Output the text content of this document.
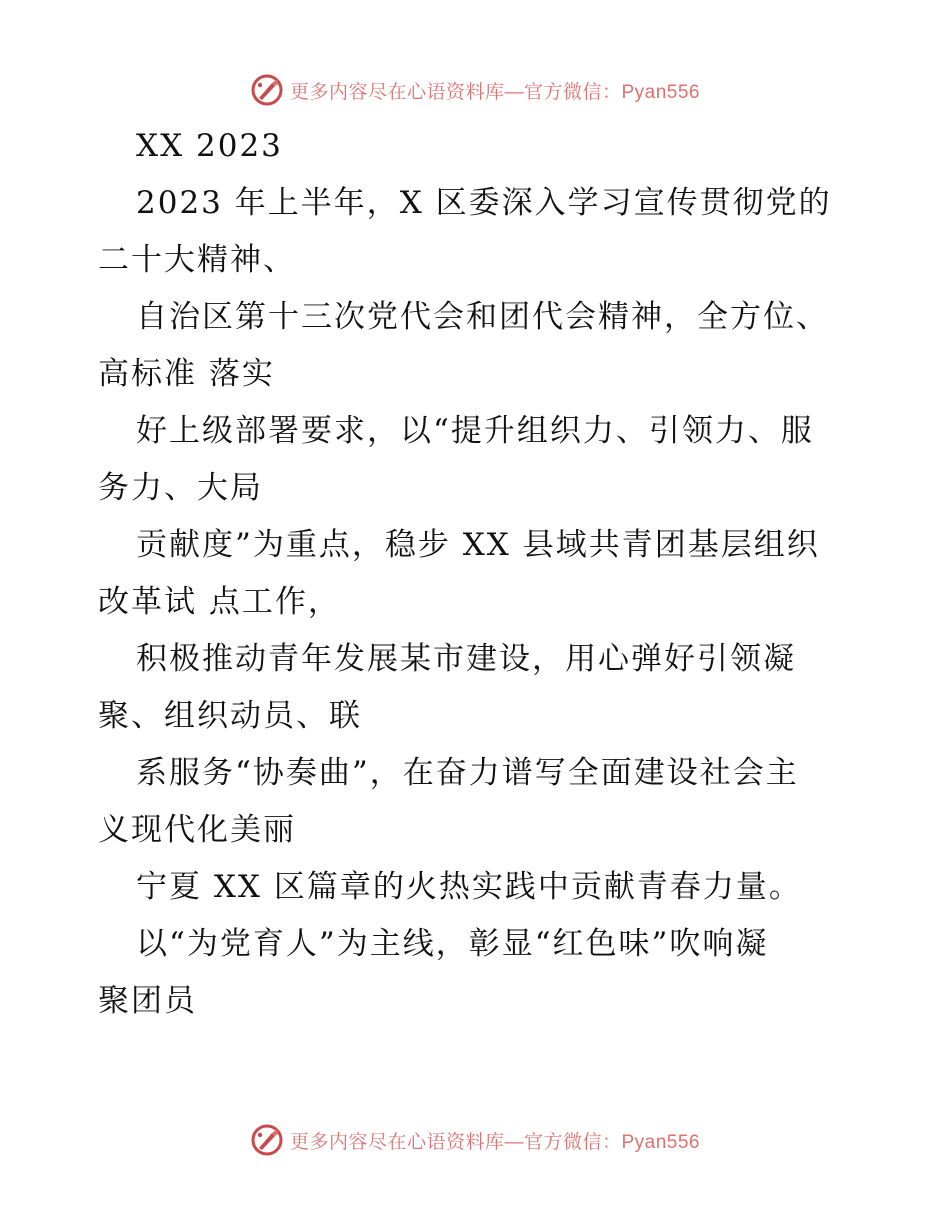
更多内容尽在心语资料库—官方微信：Pyan556
XX 2023
2023 年上半年，X 区委深入学习宣传贯彻党的
二十大精神、
自治区第十三次党代会和团代会精神，全方位、
高标准 落实
好上级部署要求，以“提升组织力、引领力、服
务力、大局
贡献度”为重点，稳步 XX 县域共青团基层组织
改革试 点工作，
积极推动青年发展某市建设，用心弹好引领凝
聚、组织动员、联
系服务“协奏曲”，在奋力谱写全面建设社会主
义现代化美丽
宁夏 XX 区篇章的火热实践中贡献青春力量。
以“为党育人”为主线，彰显“红色味”吹响凝
聚团员
更多内容尽在心语资料库—官方微信：Pyan556
